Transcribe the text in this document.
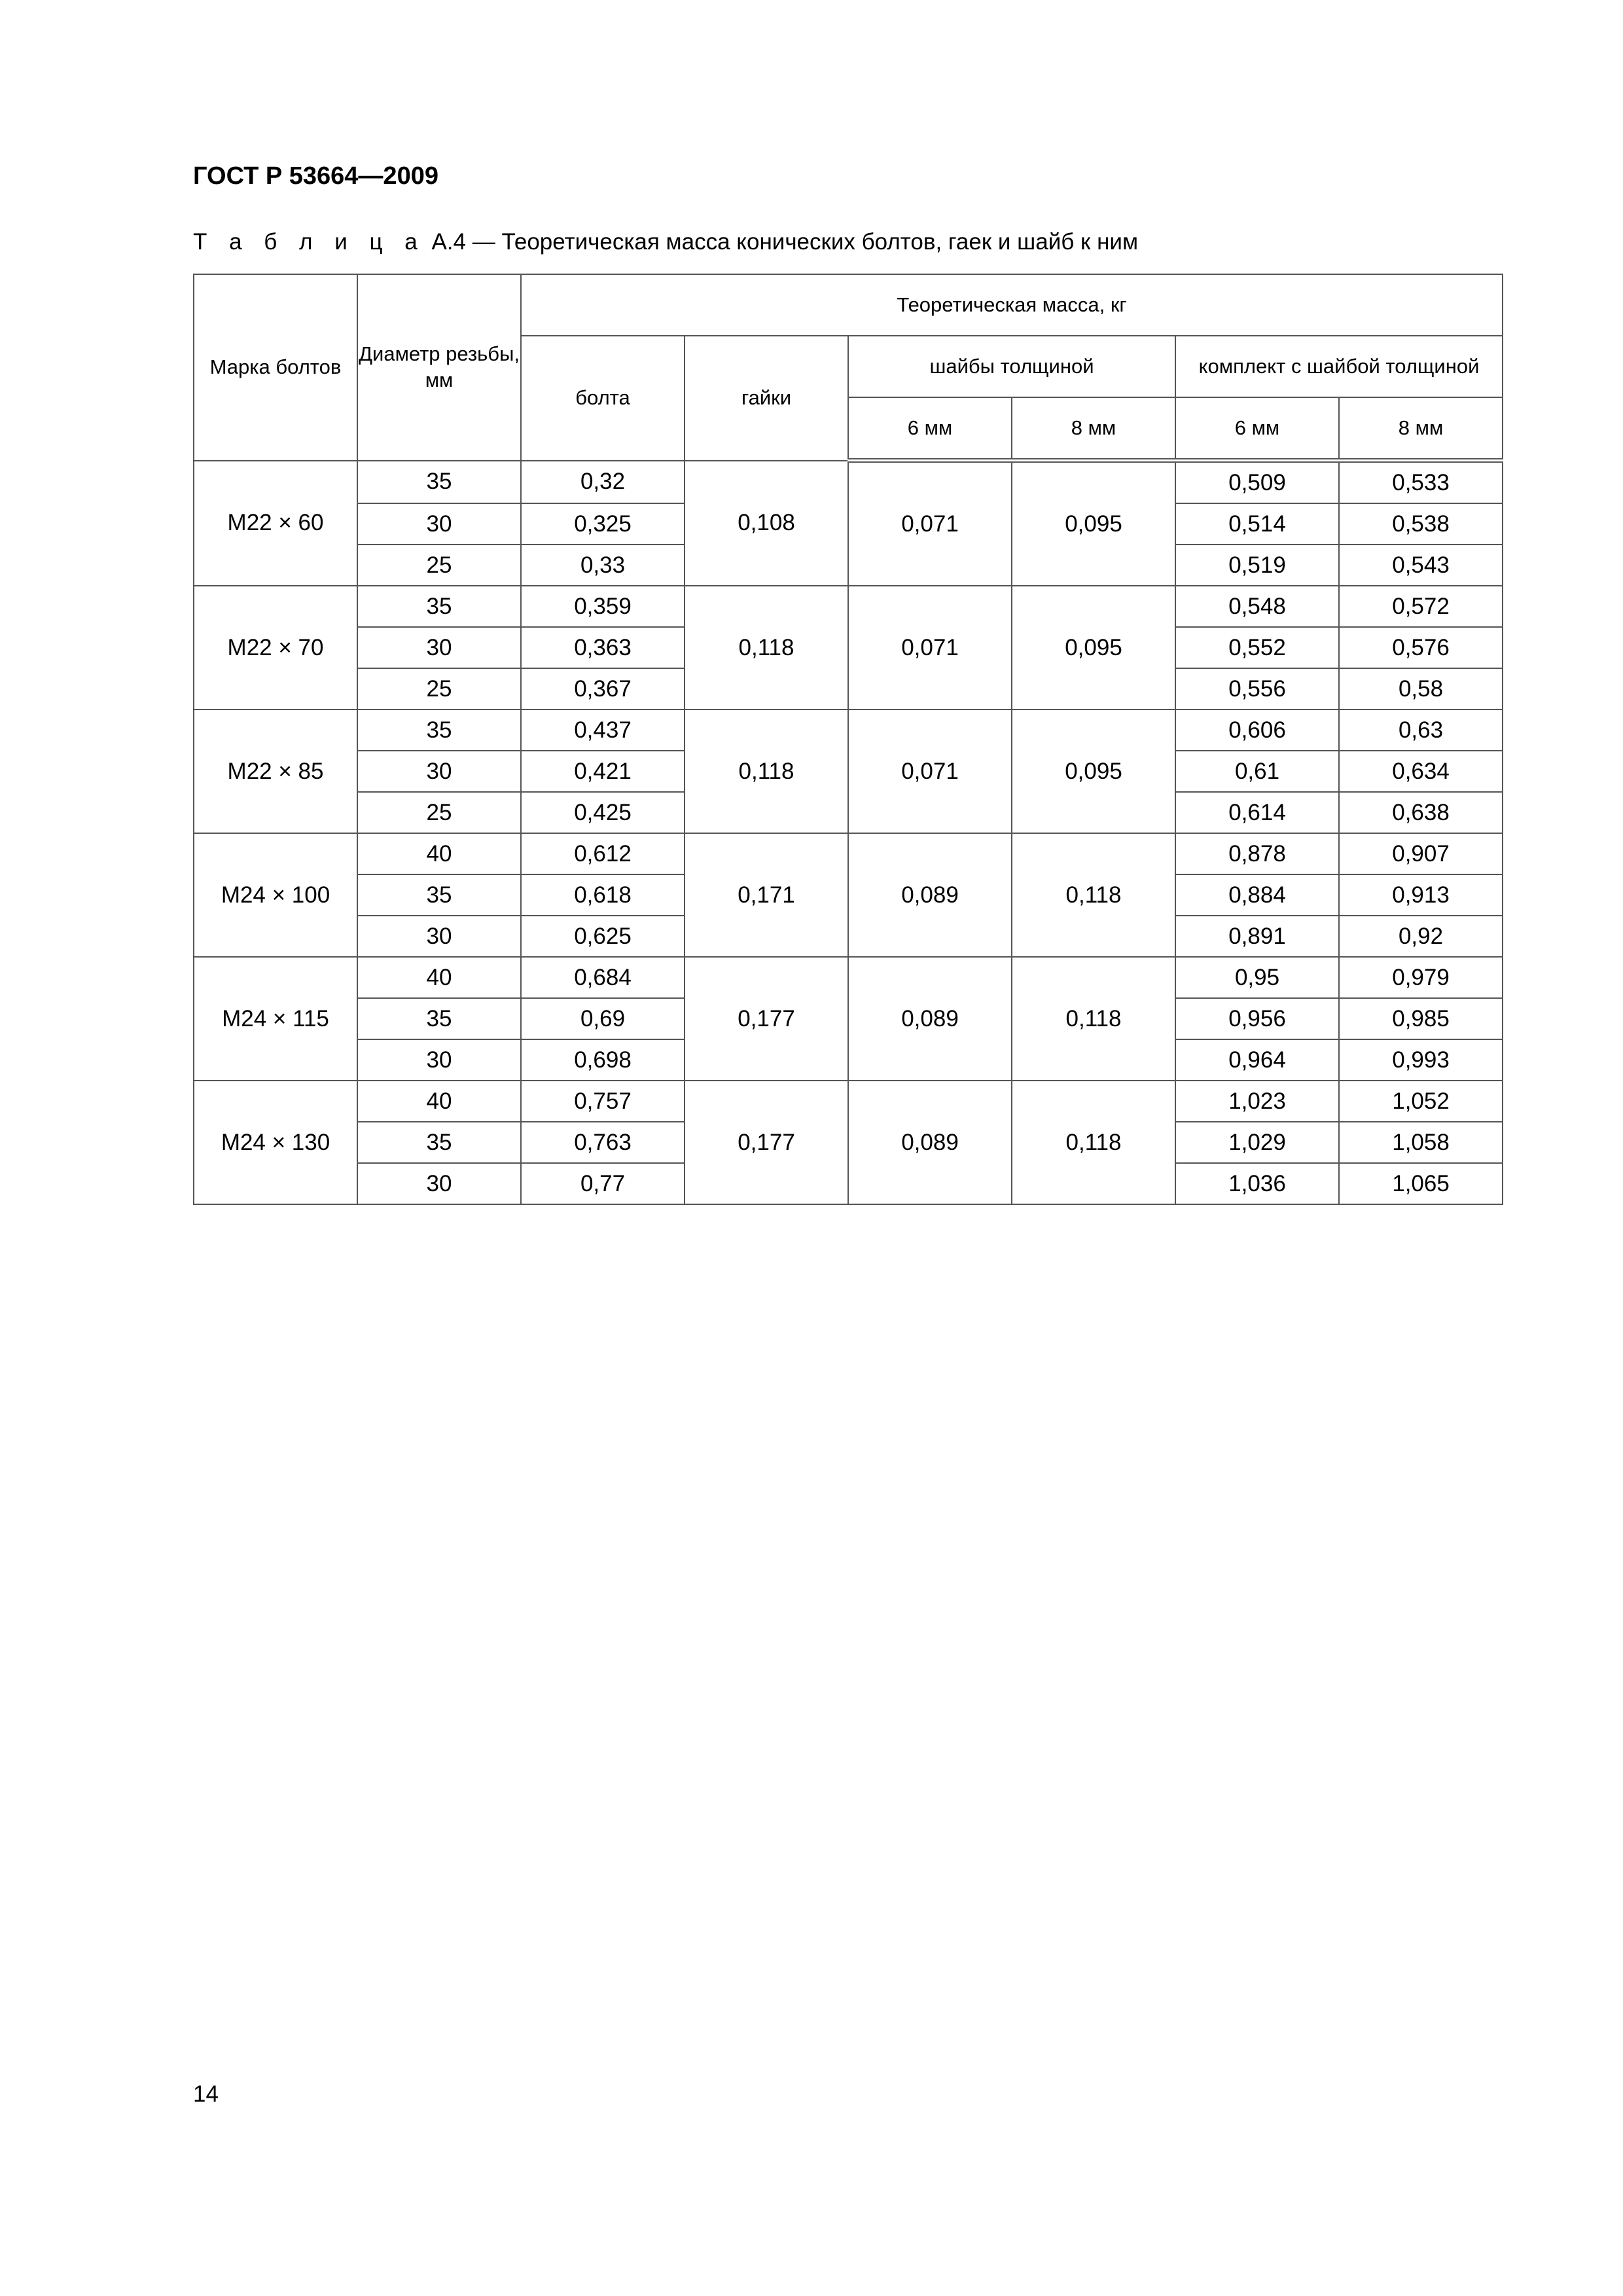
ГОСТ Р 53664—2009

Т а б л и ц а А.4 — Теоретическая масса конических болтов, гаек и шайб к ним

Марка болтов	Диаметр резьбы, мм	Теоретическая масса, кг					
		болта	гайки	шайбы толщиной		комплект с шайбой толщиной	
				6 мм	8 мм	6 мм	8 мм
М22 × 60	35	0,32	0,108	0,071	0,095	0,509	0,533
	30	0,325				0,514	0,538
	25	0,33				0,519	0,543
М22 × 70	35	0,359	0,118	0,071	0,095	0,548	0,572
	30	0,363				0,552	0,576
	25	0,367				0,556	0,58
М22 × 85	35	0,437	0,118	0,071	0,095	0,606	0,63
	30	0,421				0,61	0,634
	25	0,425				0,614	0,638
М24 × 100	40	0,612	0,171	0,089	0,118	0,878	0,907
	35	0,618				0,884	0,913
	30	0,625				0,891	0,92
М24 × 115	40	0,684	0,177	0,089	0,118	0,95	0,979
	35	0,69				0,956	0,985
	30	0,698				0,964	0,993
М24 × 130	40	0,757	0,177	0,089	0,118	1,023	1,052
	35	0,763				1,029	1,058
	30	0,77				1,036	1,065

14
